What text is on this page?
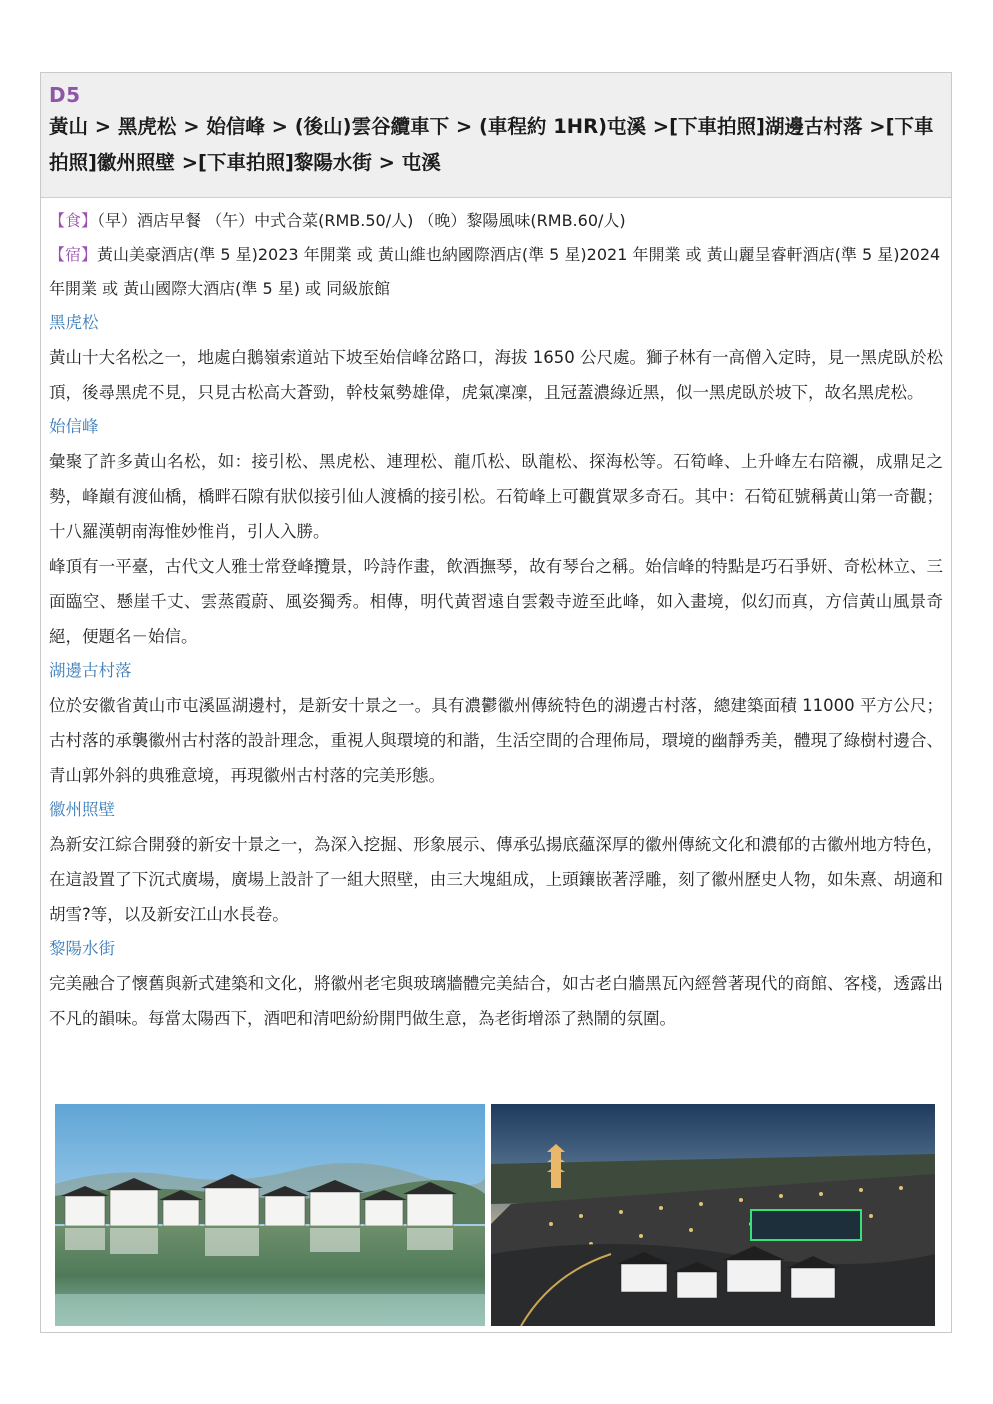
D5
黃山 > 黑虎松 > 始信峰 > (後山)雲谷纜車下 > (車程約 1HR)屯溪 >[下車拍照]湖邊古村落 >[下車拍照]徽州照壁 >[下車拍照]黎陽水街 > 屯溪
【食】（早）酒店早餐 （午）中式合菜(RMB.50/人) （晚）黎陽風味(RMB.60/人)
【宿】黃山美豪酒店(準 5 星)2023 年開業 或 黃山維也納國際酒店(準 5 星)2021 年開業 或 黃山麗呈睿軒酒店(準 5 星)2024 年開業 或 黃山國際大酒店(準 5 星) 或 同級旅館
黑虎松
黃山十大名松之一，地處白鵝嶺索道站下坡至始信峰岔路口，海拔 1650 公尺處。獅子林有一高僧入定時，見一黑虎臥於松頂，後尋黑虎不見，只見古松高大蒼勁，幹枝氣勢雄偉，虎氣凜凜，且冠蓋濃綠近黑，似一黑虎臥於坡下，故名黑虎松。
始信峰
彙聚了許多黃山名松，如：接引松、黑虎松、連理松、龍爪松、臥龍松、探海松等。石筍峰、上升峰左右陪襯，成鼎足之勢，峰巔有渡仙橋，橋畔石隙有狀似接引仙人渡橋的接引松。石筍峰上可觀賞眾多奇石。其中：石筍矼號稱黃山第一奇觀；十八羅漢朝南海惟妙惟肖，引人入勝。
峰頂有一平臺，古代文人雅士常登峰攬景，吟詩作畫，飲酒撫琴，故有琴台之稱。始信峰的特點是巧石爭妍、奇松林立、三面臨空、懸崖千丈、雲蒸霞蔚、風姿獨秀。相傳，明代黃習遠自雲穀寺遊至此峰，如入畫境，似幻而真，方信黃山風景奇絕，便題名－始信。
湖邊古村落
位於安徽省黃山市屯溪區湖邊村，是新安十景之一。具有濃鬱徽州傳統特色的湖邊古村落，總建築面積 11000 平方公尺；古村落的承襲徽州古村落的設計理念，重視人與環境的和諧，生活空間的合理佈局，環境的幽靜秀美，體現了綠樹村邊合、青山郭外斜的典雅意境，再現徽州古村落的完美形態。
徽州照壁
為新安江綜合開發的新安十景之一，為深入挖掘、形象展示、傳承弘揚底蘊深厚的徽州傳統文化和濃郁的古徽州地方特色，在這設置了下沉式廣場，廣場上設計了一組大照壁，由三大塊組成，上頭鑲嵌著浮雕，刻了徽州歷史人物，如朱熹、胡適和胡雪?等，以及新安江山水長卷。
黎陽水街
完美融合了懷舊與新式建築和文化，將徽州老宅與玻璃牆體完美結合，如古老白牆黑瓦內經營著現代的商館、客棧，透露出不凡的韻味。每當太陽西下，酒吧和清吧紛紛開門做生意，為老街增添了熱鬧的氛圍。
